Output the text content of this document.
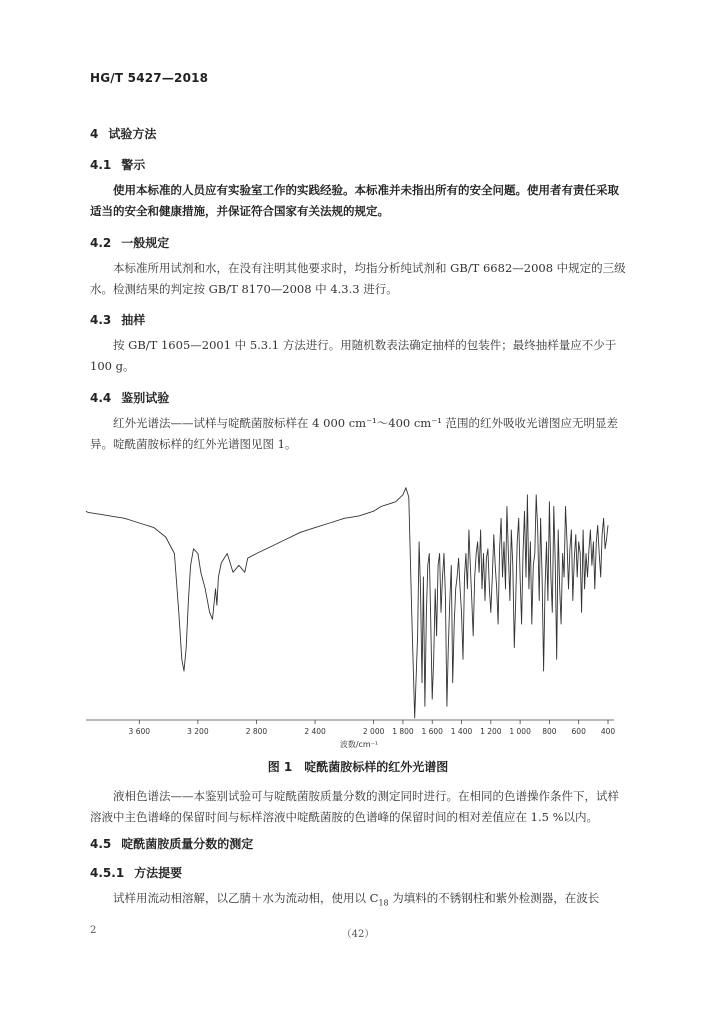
HG/T 5427—2018
4 试验方法
4.1 警示
使用本标准的人员应有实验室工作的实践经验。本标准并未指出所有的安全问题。使用者有责任采取适当的安全和健康措施，并保证符合国家有关法规的规定。
4.2 一般规定
本标准所用试剂和水，在没有注明其他要求时，均指分析纯试剂和 GB/T 6682—2008 中规定的三级水。检测结果的判定按 GB/T 8170—2008 中 4.3.3 进行。
4.3 抽样
按 GB/T 1605—2001 中 5.3.1 方法进行。用随机数表法确定抽样的包装件；最终抽样量应不少于 100 g。
4.4 鉴别试验
红外光谱法——试样与啶酰菌胺标样在 4 000 cm⁻¹～400 cm⁻¹ 范围的红外吸收光谱图应无明显差异。啶酰菌胺标样的红外光谱图见图 1。
3 600	3 200	2 800	2 400	2 000 1 800 1 600 1 400 1 200 1 000 800 600 400
波数/cm⁻¹
图 1　啶酰菌胺标样的红外光谱图
液相色谱法——本鉴别试验可与啶酰菌胺质量分数的测定同时进行。在相同的色谱操作条件下，试样溶液中主色谱峰的保留时间与标样溶液中啶酰菌胺的色谱峰的保留时间的相对差值应在 1.5 %以内。
4.5 啶酰菌胺质量分数的测定
4.5.1 方法提要
试样用流动相溶解，以乙腈＋水为流动相，使用以 $C_{18}$ 为填料的不锈钢柱和紫外检测器，在波长
2	（42）
